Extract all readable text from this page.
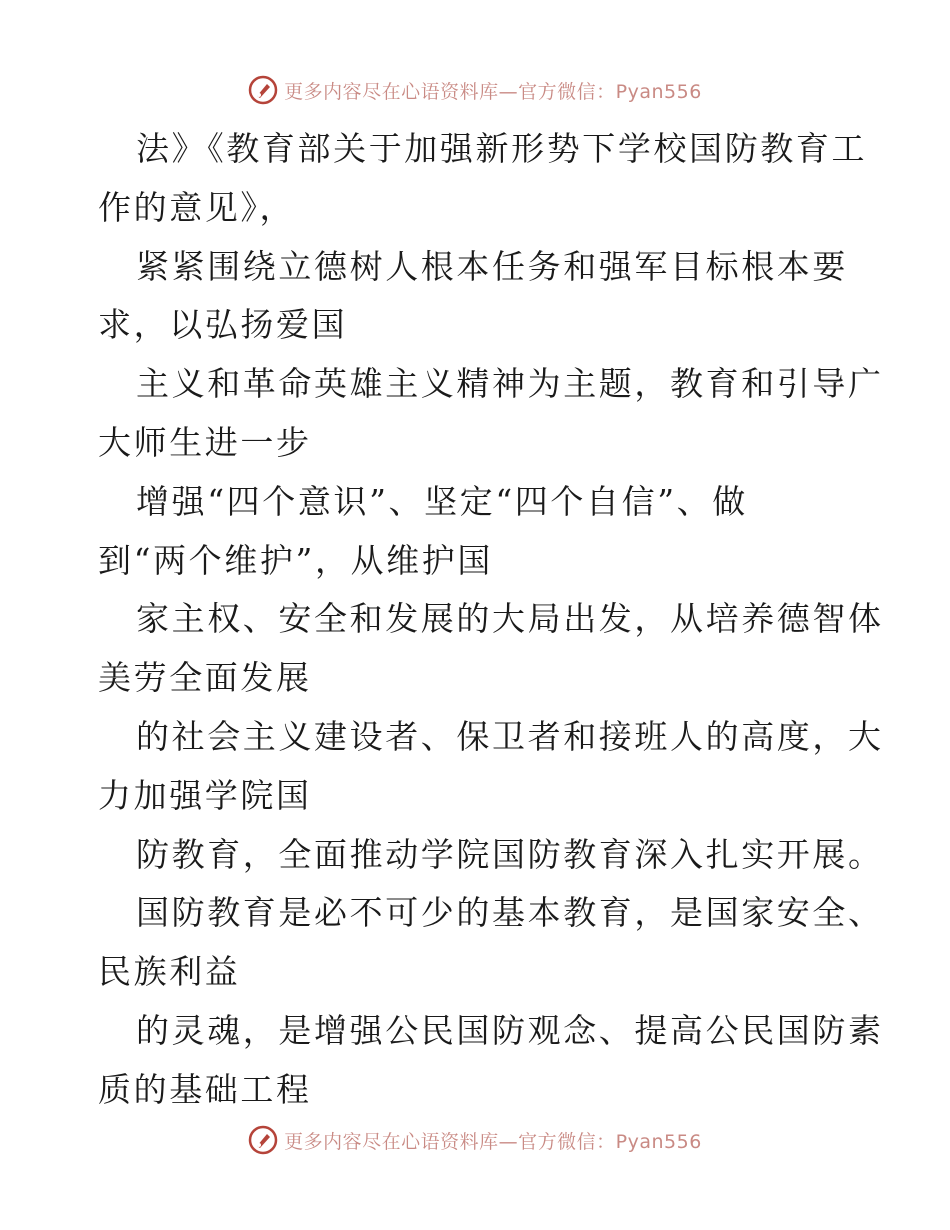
更多内容尽在心语资料库—官方微信：Pyan556
法》《教育部关于加强新形势下学校国防教育工
作的意见》，
紧紧围绕立德树人根本任务和强军目标根本要
求，以弘扬爱国
主义和革命英雄主义精神为主题，教育和引导广
大师生进一步
增强“四个意识”、坚定“四个自信”、做
到“两个维护”，从维护国
家主权、安全和发展的大局出发，从培养德智体
美劳全面发展
的社会主义建设者、保卫者和接班人的高度，大
力加强学院国
防教育，全面推动学院国防教育深入扎实开展。
国防教育是必不可少的基本教育，是国家安全、
民族利益
的灵魂，是增强公民国防观念、提高公民国防素
质的基础工程
更多内容尽在心语资料库—官方微信：Pyan556
